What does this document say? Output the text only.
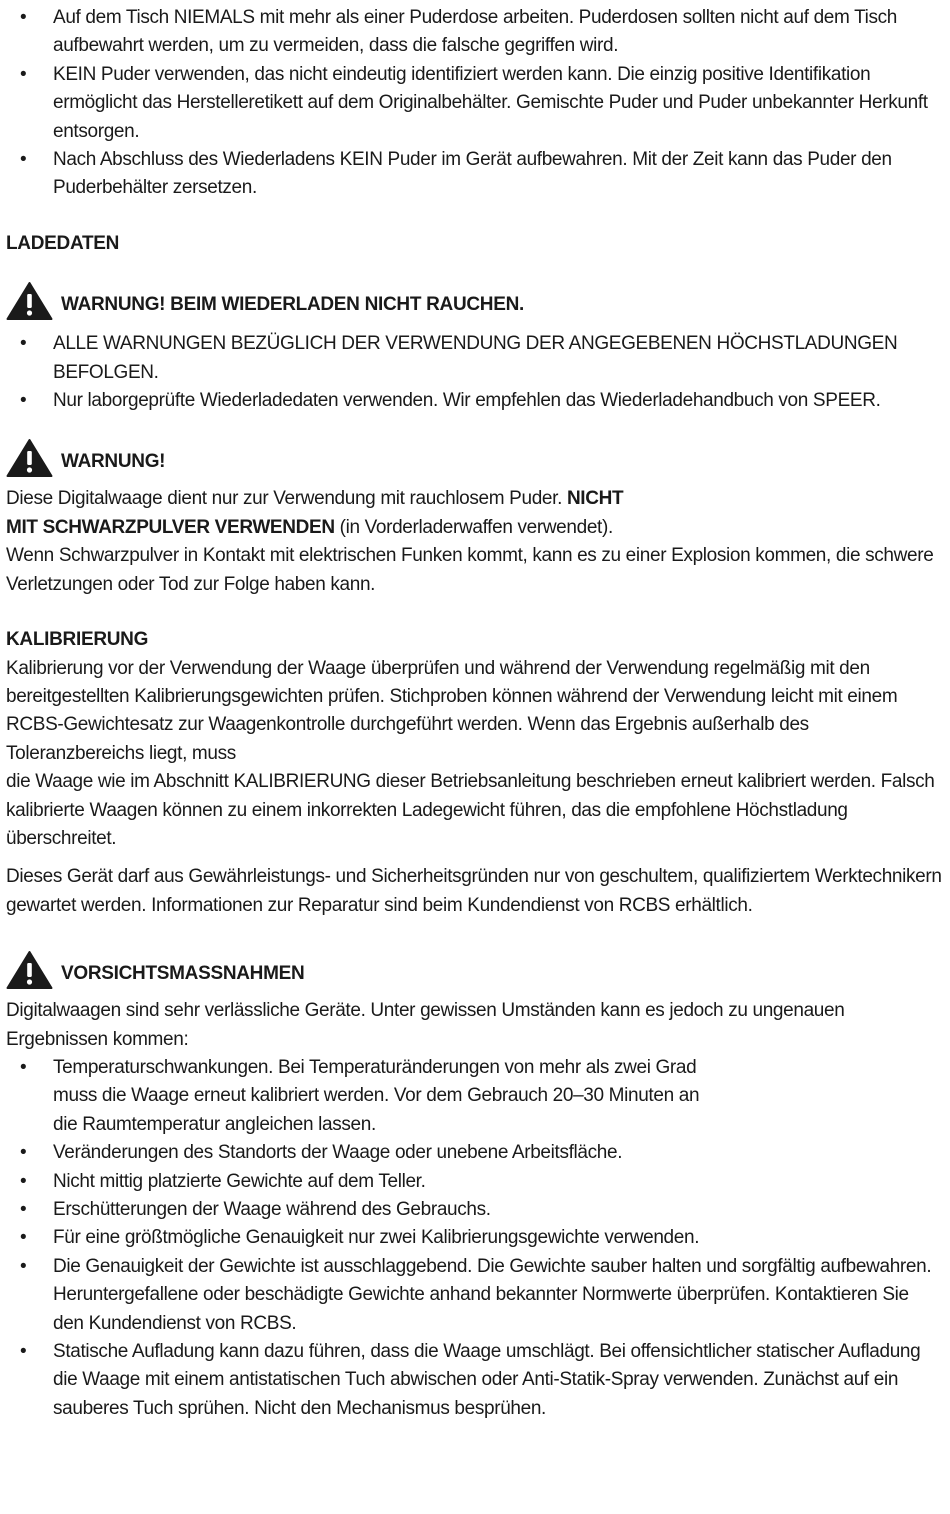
• Auf dem Tisch NIEMALS mit mehr als einer Puderdose arbeiten. Puderdosen sollten nicht auf dem Tisch aufbewahrt werden, um zu vermeiden, dass die falsche gegriffen wird.
• KEIN Puder verwenden, das nicht eindeutig identifiziert werden kann. Die einzig positive Identifikation ermöglicht das Herstelleretikett auf dem Originalbehälter. Gemischte Puder und Puder unbekannter Herkunft entsorgen.
• Nach Abschluss des Wiederladens KEIN Puder im Gerät aufbewahren. Mit der Zeit kann das Puder den Puderbehälter zersetzen.
LADEDATEN
WARNUNG! BEIM WIEDERLADEN NICHT RAUCHEN.
• ALLE WARNUNGEN BEZÜGLICH DER VERWENDUNG DER ANGEGEBENEN HÖCHSTLADUNGEN BEFOLGEN.
• Nur laborgeprüfte Wiederladedaten verwenden. Wir empfehlen das Wiederladehandbuch von SPEER.
WARNUNG!

Diese Digitalwaage dient nur zur Verwendung mit rauchlosem Puder. NICHT
MIT SCHWARZPULVER VERWENDEN (in Vorderladerwaffen verwendet).
Wenn Schwarzpulver in Kontakt mit elektrischen Funken kommt, kann es zu einer Explosion kommen, die schwere Verletzungen oder Tod zur Folge haben kann.

KALIBRIERUNG

Kalibrierung vor der Verwendung der Waage überprüfen und während der Verwendung regelmäßig mit den bereitgestellten Kalibrierungsgewichten prüfen. Stichproben können während der Verwendung leicht mit einem RCBS-Gewichtesatz zur Waagenkontrolle durchgeführt werden. Wenn das Ergebnis außerhalb des Toleranzbereichs liegt, muss
die Waage wie im Abschnitt KALIBRIERUNG dieser Betriebsanleitung beschrieben erneut kalibriert werden. Falsch kalibrierte Waagen können zu einem inkorrekten Ladegewicht führen, das die empfohlene Höchstladung überschreitet.

Dieses Gerät darf aus Gewährleistungs- und Sicherheitsgründen nur von geschultem, qualifiziertem Werktechnikern gewartet werden. Informationen zur Reparatur sind beim Kundendienst von RCBS erhältlich.

VORSICHTSMASSNAHMEN

Digitalwaagen sind sehr verlässliche Geräte. Unter gewissen Umständen kann es jedoch zu ungenauen Ergebnissen kommen:

• Temperaturschwankungen. Bei Temperaturänderungen von mehr als zwei Grad
muss die Waage erneut kalibriert werden. Vor dem Gebrauch 20–30 Minuten an
die Raumtemperatur angleichen lassen.
• Veränderungen des Standorts der Waage oder unebene Arbeitsfläche.
• Nicht mittig platzierte Gewichte auf dem Teller.
• Erschütterungen der Waage während des Gebrauchs.
• Für eine größtmögliche Genauigkeit nur zwei Kalibrierungsgewichte verwenden.
• Die Genauigkeit der Gewichte ist ausschlaggebend. Die Gewichte sauber halten und sorgfältig aufbewahren. Heruntergefallene oder beschädigte Gewichte anhand bekannter Normwerte überprüfen. Kontaktieren Sie den Kundendienst von RCBS.
• Statische Aufladung kann dazu führen, dass die Waage umschlägt. Bei offensichtlicher statischer Aufladung die Waage mit einem antistatischen Tuch abwischen oder Anti-Statik-Spray verwenden. Zunächst auf ein sauberes Tuch sprühen. Nicht den Mechanismus besprühen.
